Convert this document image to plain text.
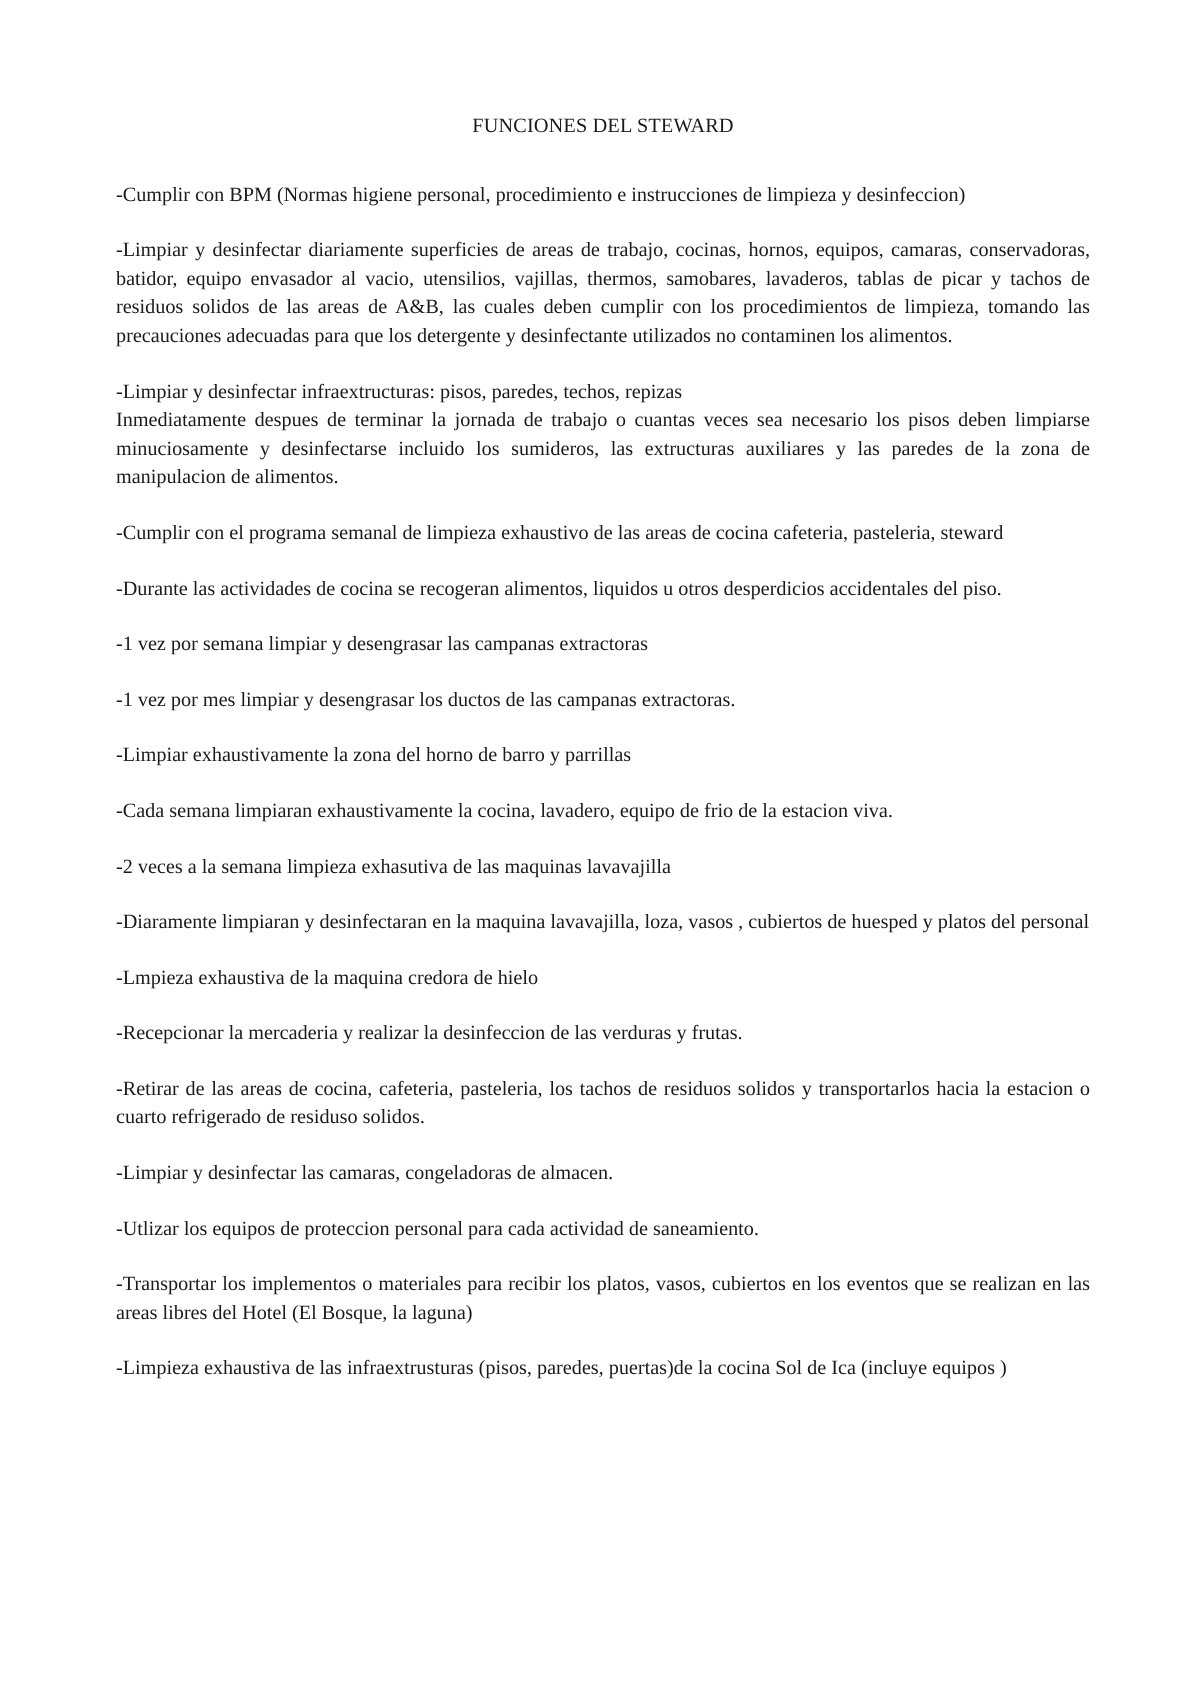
FUNCIONES DEL STEWARD

-Cumplir con BPM (Normas higiene personal, procedimiento e instrucciones de limpieza y desinfeccion)

-Limpiar y desinfectar diariamente superficies de areas de trabajo, cocinas, hornos, equipos, camaras, conservadoras, batidor, equipo envasador al vacio, utensilios, vajillas, thermos, samobares, lavaderos, tablas de picar y tachos de residuos solidos de las areas de A&B, las cuales deben cumplir con los procedimientos de limpieza, tomando las precauciones adecuadas para que los detergente y desinfectante utilizados no contaminen los alimentos.

-Limpiar y desinfectar infraextructuras: pisos, paredes, techos, repizas
Inmediatamente despues de terminar la jornada de trabajo o cuantas veces sea necesario los pisos deben limpiarse minuciosamente y desinfectarse incluido los sumideros, las extructuras auxiliares y las paredes de la zona de manipulacion de alimentos.

-Cumplir con el programa semanal de limpieza exhaustivo de las areas de cocina cafeteria, pasteleria, steward

-Durante las actividades de cocina se recogeran alimentos, liquidos u otros desperdicios accidentales del piso.

-1 vez por semana limpiar y desengrasar las campanas extractoras

-1 vez por mes limpiar y desengrasar los ductos de las campanas extractoras.

-Limpiar exhaustivamente la zona del horno de barro y parrillas

-Cada semana limpiaran exhaustivamente la cocina, lavadero, equipo de frio de la estacion viva.

-2 veces a la semana limpieza exhasutiva de las maquinas lavavajilla

-Diaramente limpiaran y desinfectaran en la maquina lavavajilla, loza, vasos , cubiertos de huesped y platos del personal

-Lmpieza exhaustiva de la maquina credora de hielo

-Recepcionar la mercaderia y realizar la desinfeccion de las verduras y frutas.

-Retirar de las areas de cocina, cafeteria, pasteleria, los tachos de residuos solidos y transportarlos hacia la estacion o cuarto refrigerado de residuso solidos.

-Limpiar y desinfectar las camaras, congeladoras de almacen.

-Utlizar los equipos de proteccion personal para cada actividad de saneamiento.

-Transportar los implementos o materiales para recibir los platos, vasos, cubiertos en los eventos que se realizan en las areas libres del Hotel (El Bosque, la laguna)

-Limpieza exhaustiva de las infraextrusturas (pisos, paredes, puertas)de la cocina Sol de Ica (incluye equipos )
